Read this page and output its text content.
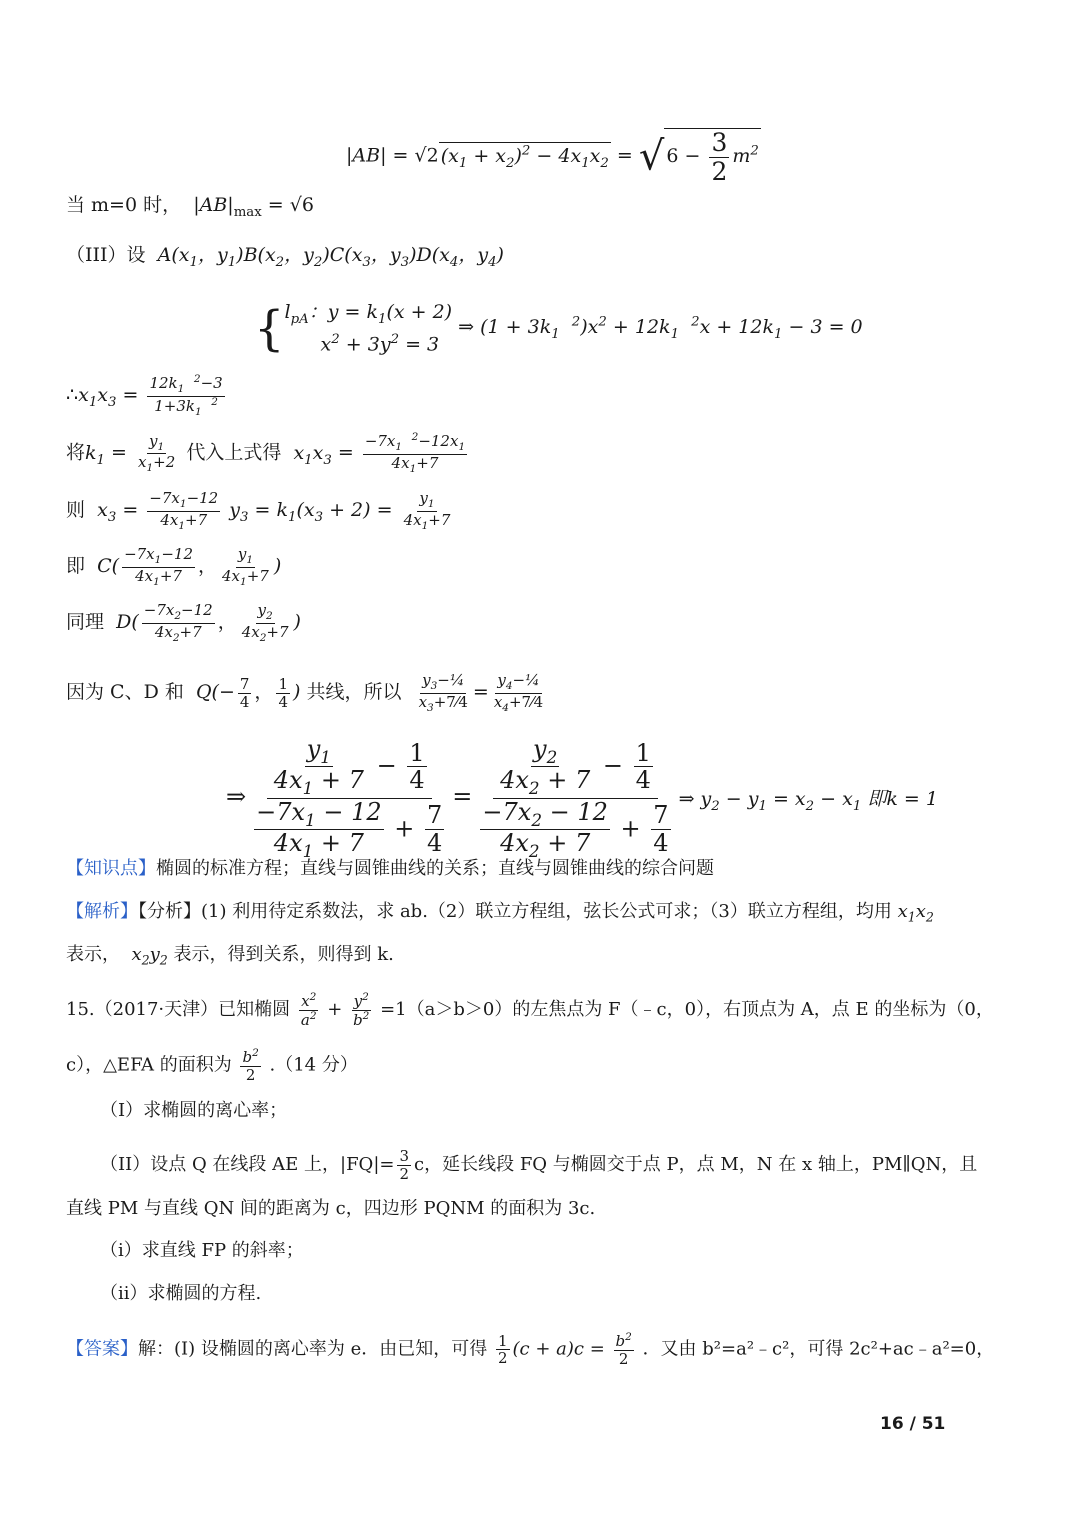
|AB| = √2 $(x_1 + x_2)^2 - 4x_1x_2$ = √ $6 - \frac{3}{2} m^2$
当 m=0 时， $|AB|_{max} = √6$
（III）设 $A(x_1$，$y_1)B(x_2$，$y_2)C(x_3$，$y_3)D(x_4$，$y_4$)
{ $l_{pA}$：$y = k_1(x + 2)$
$x^2 + 3y^2 = 3$
⇒ ($1 + 3k_1$  $^2)x^2 + 12k_1$  $^2x + 12k_1 - 3 = 0$
$\therefore x_1x_3 = \frac{12k_1 ^2-3}{1+3k_1 ^2}$
将$k_1 = \frac{y_1}{x_1+2}$ 代入上式得 $x_1x_3 = \frac{-7x_1 ^2-12x_1}{4x_1+7}$
则 $x_3 = \frac{-7x_1-12}{4x_1+7} y_3 = k_1(x_3 + 2) = \frac{y_1}{4x_1+7}$
即 $C( \frac{-7x_1-12}{4x_1+7}$ ， $\frac{y_1}{4x_1+7}$ )
同理 $D( \frac{-7x_2-12}{4x_2+7}$ ， $\frac{y_2}{4x_2+7}$ )
因为 C、D 和 $Q(- \frac{7}{4}$ ， $\frac{1}{4}$ ) 共线，所以 $\frac{y_3-\frac{1}{4}}{x_3+7⁄4} = \frac{y_4-\frac{1}{4}}{x_4+7⁄4}$
⇒ $\frac{\frac{y_1}{4x_1 + 7} - \frac{1}{4}}{\frac{-7x_1 - 12}{4x_1 + 7} + \frac{7}{4}} = \frac{\frac{y_2}{4x_2 + 7} - \frac{1}{4}}{\frac{-7x_2 - 12}{4x_2 + 7} + \frac{7}{4}}$ ⇒ $y_2 - y_1 = x_2 - x_1$ 即k = 1
【知识点】椭圆的标准方程；直线与圆锥曲线的关系；直线与圆锥曲线的综合问题
【解析】【分析】(1) 利用待定系数法，求 ab.（2）联立方程组，弦长公式可求；（3）联立方程组，均用 $x_1x_2$
表示， $x_2y_2$ 表示，得到关系，则得到 k.
15.（2017·天津）已知椭圆 $\frac{x^2}{a^2} + \frac{y^2}{b^2} =1(a>b>0)$的左焦点为 F（﹣c，0），右顶点为 A，点 E 的坐标为（0，
c），△EFA 的面积为 $\frac{b^2}{2} .(14$ 分）
（I）求椭圆的离心率；
（II）设点 Q 在线段 AE 上，$|FQ|= \frac{3}{2}$ c，延长线段 FQ 与椭圆交于点 P，点 M，N 在 x 轴上，PM∥QN，且
直线 PM 与直线 QN 间的距离为 c，四边形 PQNM 的面积为 3c.
（i）求直线 FP 的斜率；
（ii）求椭圆的方程.
【答案】解：(I) 设椭圆的离心率为 e．由已知，可得 $\frac{1}{2} (c + a)c = \frac{b^2}{2}$ ．又由 b²=a²﹣c²，可得 2c²+ac﹣a²=0，
16 / 51
